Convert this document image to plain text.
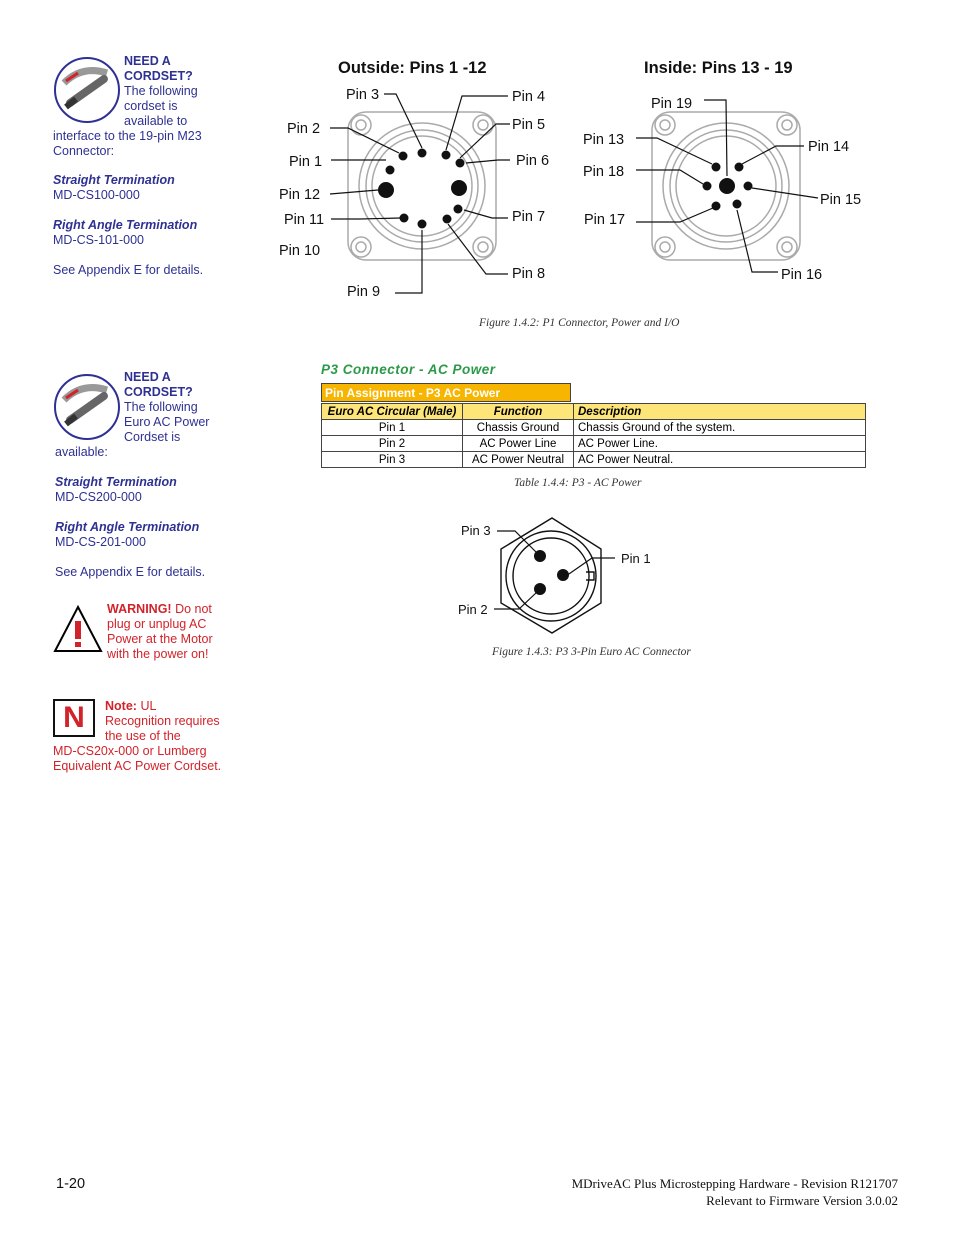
NEED A CORDSET?
The following
cordset is
available to
interface to the 19-pin M23
Connector:
Straight Termination
MD-CS100-000

Right Angle Termination
MD-CS-101-000

See Appendix E for details.
NEED A CORDSET?
The following
Euro AC Power
Cordset is
available:
Straight Termination
MD-CS200-000

Right Angle Termination
MD-CS-201-000

See Appendix E for details.
WARNING! Do not
plug or unplug AC
Power at the Motor
with the power on!
N Note: UL
Recognition requires
the use of the
MD-CS20x-000 or Lumberg
Equivalent AC Power Cordset.
Outside: Pins 1 -12	Inside: Pins 13 - 19
Pin 3	Pin 4
Pin 2	Pin 5
Pin 1	Pin 6
Pin 12
Pin 11	Pin 7
Pin 10
Pin 8
Pin 9
Pin 19
Pin 13	Pin 14
Pin 18
Pin 15
Pin 17
Pin 16
Figure 1.4.2: P1 Connector, Power and I/O
P3 Connector - AC Power
Pin Assignment - P3 AC Power
Euro AC Circular (Male)	Function	Description
Pin 1	Chassis Ground	Chassis Ground of the system.
Pin 2	AC Power Line	AC Power Line.
Pin 3	AC Power Neutral	AC Power Neutral.
Table 1.4.4: P3 - AC Power
Pin 3
Pin 1
Pin 2
Figure 1.4.3: P3 3-Pin Euro AC Connector
1-20	MDriveAC Plus Microstepping Hardware - Revision R121707
Relevant to Firmware Version 3.0.02
